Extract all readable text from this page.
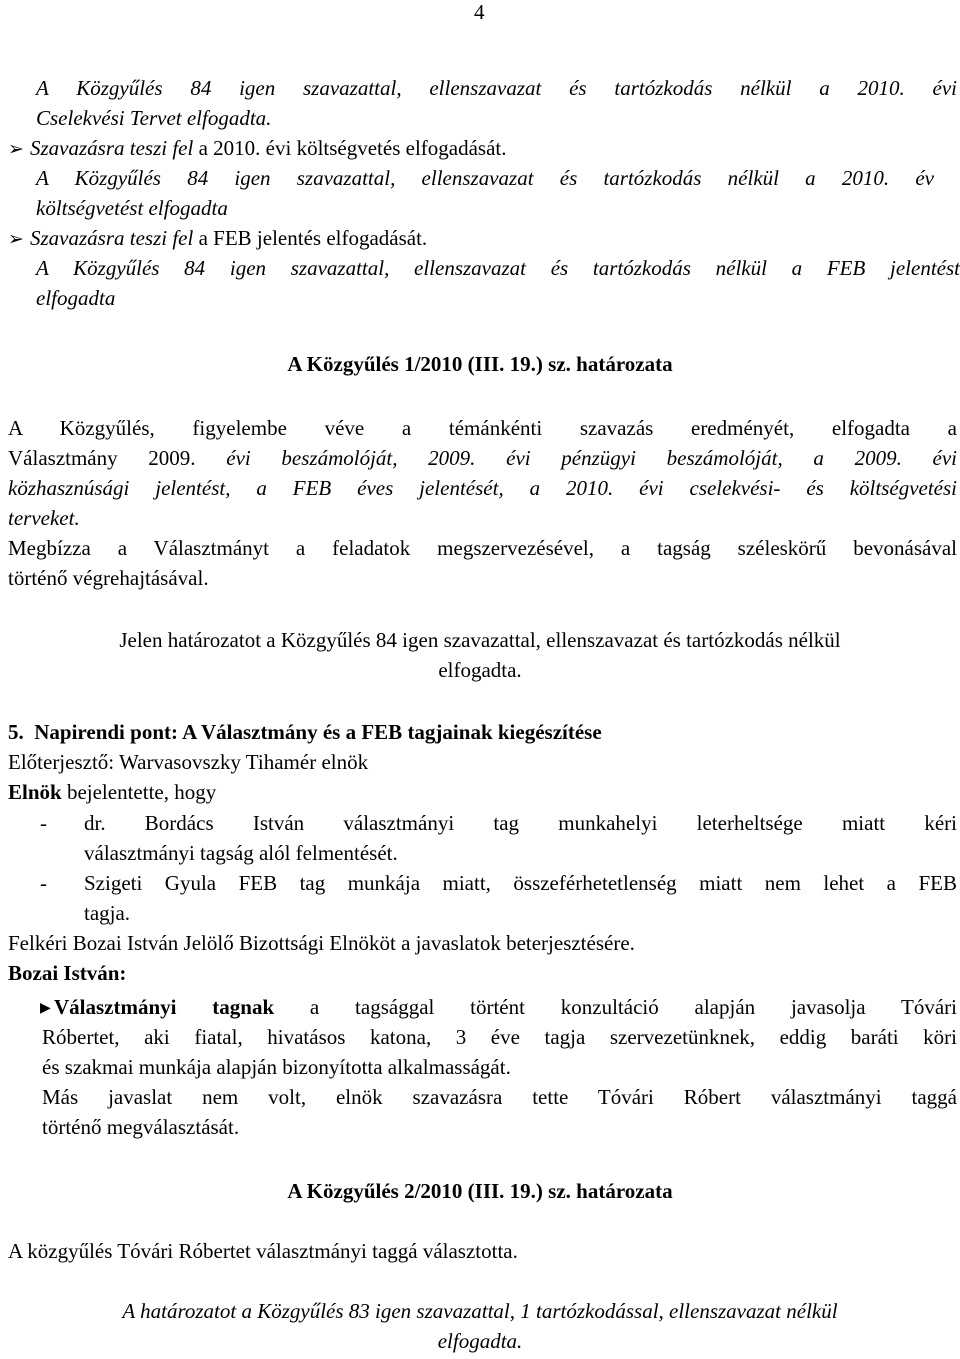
4
A Közgyűlés 84 igen szavazattal, ellenszavazat és tartózkodás nélkül a 2010. évi
Cselekvési Tervet elfogadta.
➢ Szavazásra teszi fel a 2010. évi költségvetés elfogadását.
A Közgyűlés 84 igen szavazattal, ellenszavazat és tartózkodás nélkül a 2010. év
költségvetést elfogadta
➢ Szavazásra teszi fel a FEB jelentés elfogadását.
A Közgyűlés 84 igen szavazattal, ellenszavazat és tartózkodás nélkül a FEB jelentést
elfogadta
A Közgyűlés 1/2010 (III. 19.) sz. határozata
A Közgyűlés, figyelembe véve a témánkénti szavazás eredményét, elfogadta a
Választmány 2009. évi beszámolóját, 2009. évi pénzügyi beszámolóját, a 2009. évi
közhasznúsági jelentést, a FEB éves jelentését, a 2010. évi cselekvési- és költségvetési
terveket.
Megbízza a Választmányt a feladatok megszervezésével, a tagság széleskörű bevonásával
történő végrehajtásával.
Jelen határozatot a Közgyűlés 84 igen szavazattal, ellenszavazat és tartózkodás nélkül
elfogadta.
5. Napirendi pont: A Választmány és a FEB tagjainak kiegészítése
Előterjesztő: Warvasovszky Tihamér elnök
Elnök bejelentette, hogy
- dr. Bordács István választmányi tag munkahelyi leterheltsége miatt kéri
választmányi tagság alól felmentését.
- Szigeti Gyula FEB tag munkája miatt, összeférhetetlenség miatt nem lehet a FEB
tagja.
Felkéri Bozai István Jelölő Bizottsági Elnököt a javaslatok beterjesztésére.
Bozai István:
▶ Választmányi tagnak a tagsággal történt konzultáció alapján javasolja Tóvári
Róbertet, aki fiatal, hivatásos katona, 3 éve tagja szervezetünknek, eddig baráti köri
és szakmai munkája alapján bizonyította alkalmasságát.
Más javaslat nem volt, elnök szavazásra tette Tóvári Róbert választmányi taggá
történő megválasztását.
A Közgyűlés 2/2010 (III. 19.) sz. határozata
A közgyűlés Tóvári Róbertet választmányi taggá választotta.
A határozatot a Közgyűlés 83 igen szavazattal, 1 tartózkodással, ellenszavazat nélkül
elfogadta.
